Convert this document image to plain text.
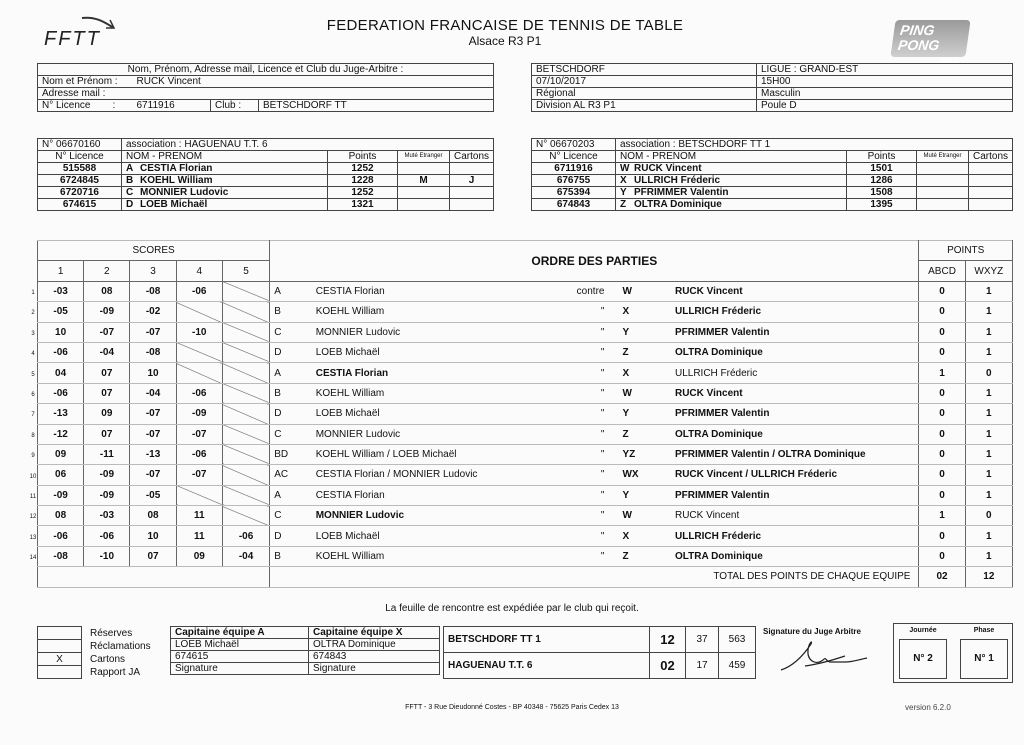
FFTT
FEDERATION FRANCAISE DE TENNIS DE TABLE
Alsace R3 P1
PING PONG
MAG
Nom, Prénom, Adresse mail, Licence et Club du Juge-Arbitre :			
Nom et Prénom :	RUCK Vincent		
Adresse mail :			
N° Licence :	6711916	Club :	BETSCHDORF TT
BETSCHDORF	LIGUE : GRAND-EST
07/10/2017	15H00
Régional	Masculin
Division AL R3 P1	Poule D
N° 06670160	association : HAGUENAU T.T. 6			
N° Licence	NOM - PRENOM	Points	Muté Etranger	Cartons
515588	A CESTIA Florian	1252		
6724845	B KOEHL William	1228	M	J
6720716	C MONNIER Ludovic	1252		
674615	D LOEB Michaël	1321		
N° 06670203	association : BETSCHDORF TT 1			
N° Licence	NOM - PRENOM	Points	Muté Etranger	Cartons
6711916	W RUCK Vincent	1501		
676755	X ULLRICH Fréderic	1286		
675394	Y PFRIMMER Valentin	1508		
674843	Z OLTRA Dominique	1395		
SCORES					ORDRE DES PARTIES					POINTS	
1	2	3	4	5						ABCD	WXYZ
-03	08	-08	-06		A	CESTIA Florian	contre	W	RUCK Vincent	0	1
-05	-09	-02			B	KOEHL William	"	X	ULLRICH Fréderic	0	1
10	-07	-07	-10		C	MONNIER Ludovic	"	Y	PFRIMMER Valentin	0	1
-06	-04	-08			D	LOEB Michaël	"	Z	OLTRA Dominique	0	1
04	07	10			A	CESTIA Florian	"	X	ULLRICH Fréderic	1	0
-06	07	-04	-06		B	KOEHL William	"	W	RUCK Vincent	0	1
-13	09	-07	-09		D	LOEB Michaël	"	Y	PFRIMMER Valentin	0	1
-12	07	-07	-07		C	MONNIER Ludovic	"	Z	OLTRA Dominique	0	1
09	-11	-13	-06		BD	KOEHL William / LOEB Michaël	"	YZ	PFRIMMER Valentin / OLTRA Dominique	0	1
06	-09	-07	-07		AC	CESTIA Florian / MONNIER Ludovic	"	WX	RUCK Vincent / ULLRICH Fréderic	0	1
-09	-09	-05			A	CESTIA Florian	"	Y	PFRIMMER Valentin	0	1
08	-03	08	11		C	MONNIER Ludovic	"	W	RUCK Vincent	1	0
-06	-06	10	11	-06	D	LOEB Michaël	"	X	ULLRICH Fréderic	0	1
-08	-10	07	09	-04	B	KOEHL William	"	Z	OLTRA Dominique	0	1
					TOTAL DES POINTS DE CHAQUE EQUIPE					02	12
1
2
3
4
5
6
7
8
9
10
11
12
13
14
La feuille de rencontre est expédiée par le club qui reçoit.
	Réserves
	Réclamations
X	Cartons
	Rapport JA
Capitaine équipe A	Capitaine équipe X
LOEB Michaël	OLTRA Dominique
674615	674843
Signature	Signature
BETSCHDORF TT 1	12	37	563
HAGUENAU T.T. 6	02	17	459
Signature du Juge Arbitre	Journée	Phase
N° 2	N° 1
FFTT - 3 Rue Dieudonné Costes - BP 40348 - 75625 Paris Cedex 13	version 6.2.0
